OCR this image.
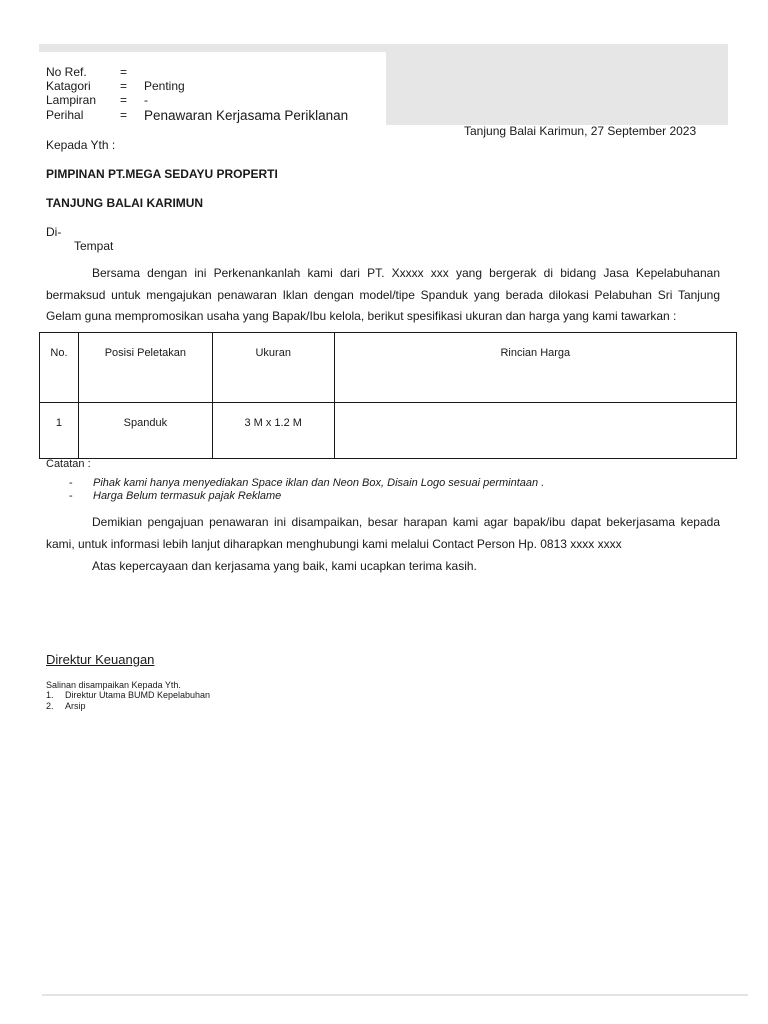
No Ref.	=
Katagori = Penting
Lampiran = -
Perihal	= Penawaran Kerjasama Periklanan
Tanjung Balai Karimun, 27 September 2023
Kepada Yth :
PIMPINAN PT.MEGA SEDAYU PROPERTI
TANJUNG BALAI KARIMUN
Di-
Tempat
Bersama dengan ini Perkenankanlah kami dari PT. Xxxxx xxx yang bergerak di bidang Jasa Kepelabuhanan bermaksud untuk mengajukan penawaran Iklan dengan model/tipe Spanduk yang berada dilokasi Pelabuhan Sri Tanjung Gelam guna mempromosikan usaha yang Bapak/Ibu kelola, berikut spesifikasi ukuran dan harga yang kami tawarkan :
No.	Posisi Peletakan	Ukuran	Rincian Harga
1	Spanduk	3 M x 1.2 M	
Catatan :
- Pihak kami hanya menyediakan Space iklan dan Neon Box, Disain Logo sesuai permintaan .
- Harga Belum termasuk pajak Reklame
Demikian pengajuan penawaran ini disampaikan, besar harapan kami agar bapak/ibu dapat bekerjasama kepada kami, untuk informasi lebih lanjut diharapkan menghubungi kami melalui Contact Person Hp. 0813 xxxx xxxx
Atas kepercayaan dan kerjasama yang baik, kami ucapkan terima kasih.
Direktur Keuangan
Salinan disampaikan Kepada Yth.
1. Direktur Utama BUMD Kepelabuhan
2. Arsip
